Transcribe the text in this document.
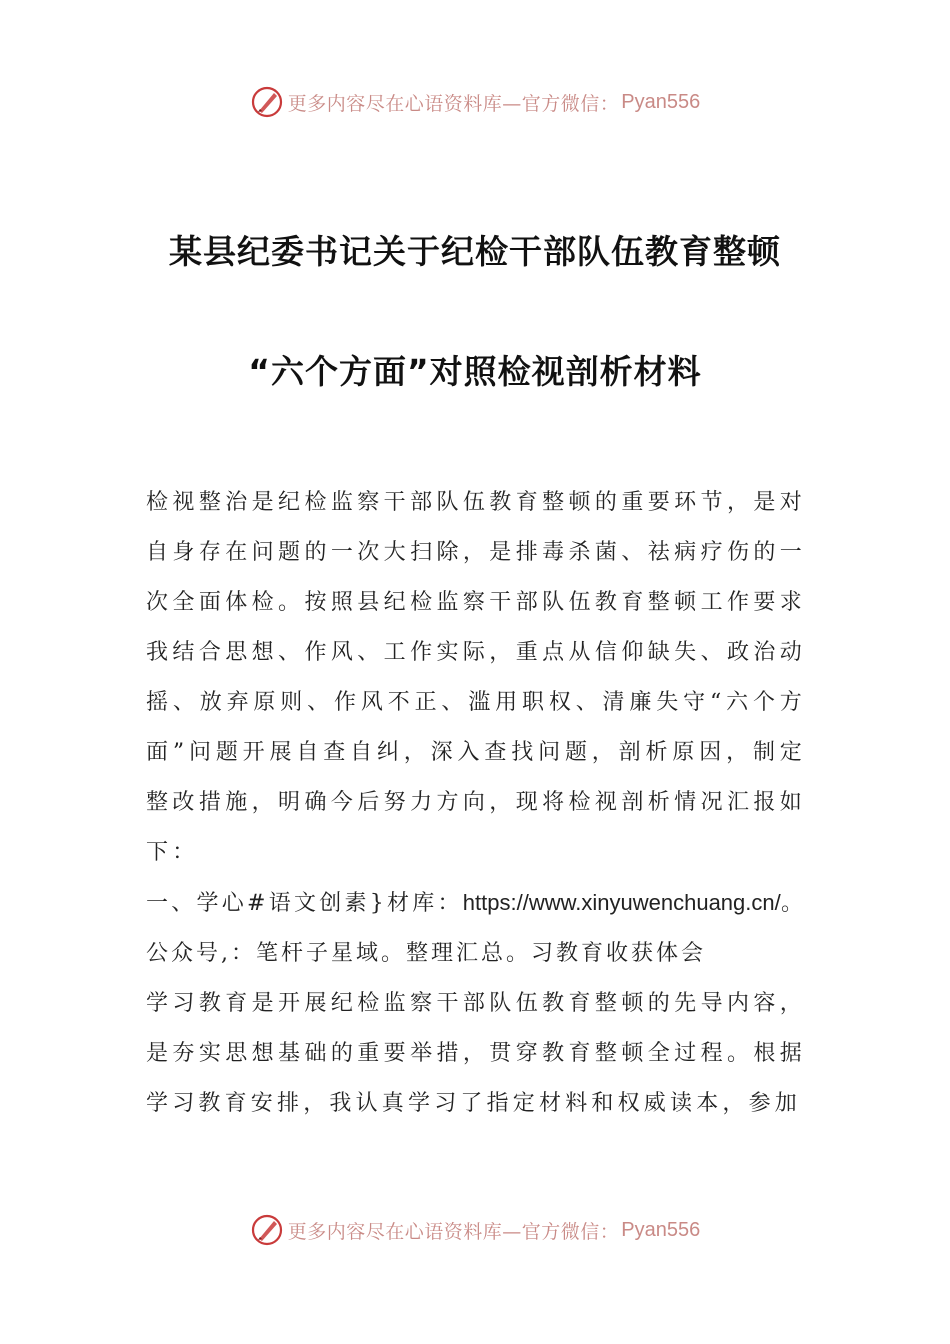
更多内容尽在心语资料库—官方微信： Pyan556
某县纪委书记关于纪检干部队伍教育整顿
“六个方面”对照检视剖析材料

检视整治是纪检监察干部队伍教育整顿的重要环节，是对自身存在问题的一次大扫除，是排毒杀菌、祛病疗伤的一次全面体检。按照县纪检监察干部队伍教育整顿工作要求我结合思想、作风、工作实际，重点从信仰缺失、政治动摇、放弃原则、作风不正、滥用职权、清廉失守“六个方面”问题开展自查自纠，深入查找问题，剖析原因，制定整改措施，明确今后努力方向，现将检视剖析情况汇报如下：

一、学心#语文创素}材库：https://www.xinyuwenchuang.cn/。公众号,：笔杆子星域。整理汇总。习教育收获体会

学习教育是开展纪检监察干部队伍教育整顿的先导内容，是夯实思想基础的重要举措，贯穿教育整顿全过程。根据学习教育安排，我认真学习了指定材料和权威读本，参加

更多内容尽在心语资料库—官方微信： Pyan556
